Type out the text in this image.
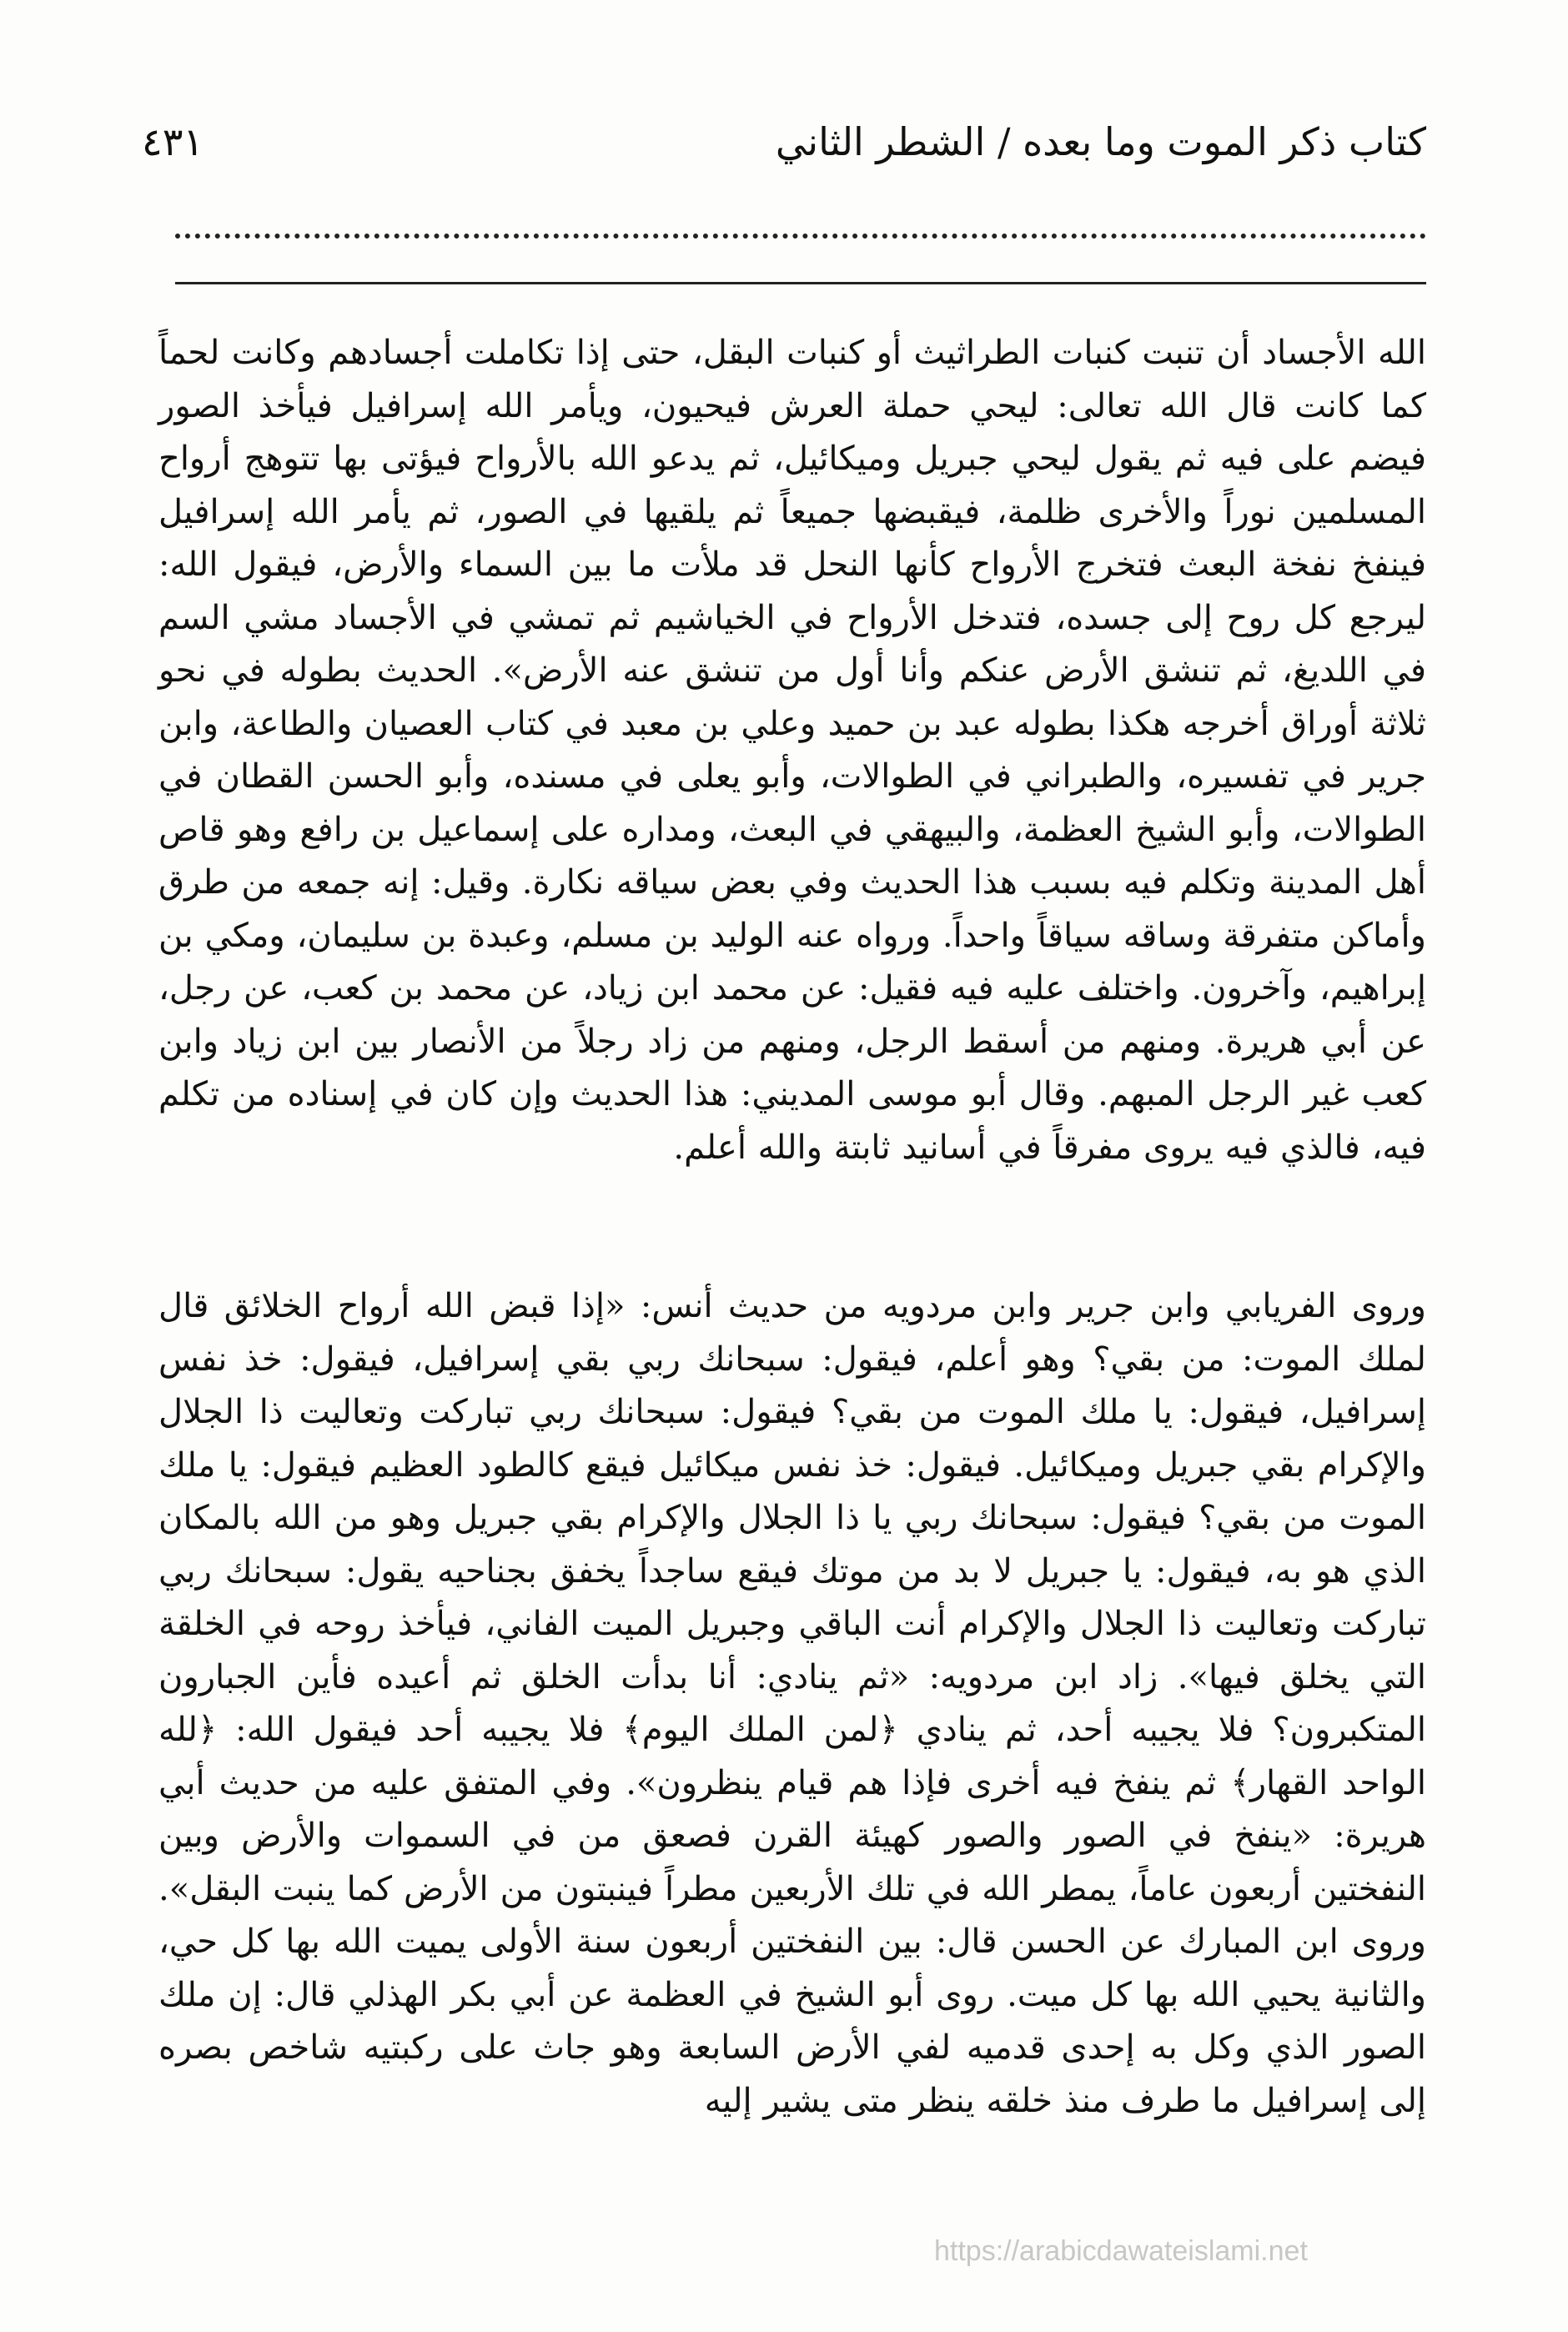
كتاب ذكر الموت وما بعده / الشطر الثاني
٤٣١

الله الأجساد أن تنبت كنبات الطراثيث أو كنبات البقل، حتى إذا تكاملت أجسادهم وكانت لحماً كما كانت قال الله تعالى: ليحي حملة العرش فيحيون، ويأمر الله إسرافيل فيأخذ الصور فيضم على فيه ثم يقول ليحي جبريل وميكائيل، ثم يدعو الله بالأرواح فيؤتى بها تتوهج أرواح المسلمين نوراً والأخرى ظلمة، فيقبضها جميعاً ثم يلقيها في الصور، ثم يأمر الله إسرافيل فينفخ نفخة البعث فتخرج الأرواح كأنها النحل قد ملأت ما بين السماء والأرض، فيقول الله: ليرجع كل روح إلى جسده، فتدخل الأرواح في الخياشيم ثم تمشي في الأجساد مشي السم في اللديغ، ثم تنشق الأرض عنكم وأنا أول من تنشق عنه الأرض». الحديث بطوله في نحو ثلاثة أوراق أخرجه هكذا بطوله عبد بن حميد وعلي بن معبد في كتاب العصيان والطاعة، وابن جرير في تفسيره، والطبراني في الطوالات، وأبو يعلى في مسنده، وأبو الحسن القطان في الطوالات، وأبو الشيخ العظمة، والبيهقي في البعث، ومداره على إسماعيل بن رافع وهو قاص أهل المدينة وتكلم فيه بسبب هذا الحديث وفي بعض سياقه نكارة. وقيل: إنه جمعه من طرق وأماكن متفرقة وساقه سياقاً واحداً. ورواه عنه الوليد بن مسلم، وعبدة بن سليمان، ومكي بن إبراهيم، وآخرون. واختلف عليه فيه فقيل: عن محمد ابن زياد، عن محمد بن كعب، عن رجل، عن أبي هريرة. ومنهم من أسقط الرجل، ومنهم من زاد رجلاً من الأنصار بين ابن زياد وابن كعب غير الرجل المبهم. وقال أبو موسى المديني: هذا الحديث وإن كان في إسناده من تكلم فيه، فالذي فيه يروى مفرقاً في أسانيد ثابتة والله أعلم.

وروى الفريابي وابن جرير وابن مردويه من حديث أنس: «إذا قبض الله أرواح الخلائق قال لملك الموت: من بقي؟ وهو أعلم، فيقول: سبحانك ربي بقي إسرافيل، فيقول: خذ نفس إسرافيل، فيقول: يا ملك الموت من بقي؟ فيقول: سبحانك ربي تباركت وتعاليت ذا الجلال والإكرام بقي جبريل وميكائيل. فيقول: خذ نفس ميكائيل فيقع كالطود العظيم فيقول: يا ملك الموت من بقي؟ فيقول: سبحانك ربي يا ذا الجلال والإكرام بقي جبريل وهو من الله بالمكان الذي هو به، فيقول: يا جبريل لا بد من موتك فيقع ساجداً يخفق بجناحيه يقول: سبحانك ربي تباركت وتعاليت ذا الجلال والإكرام أنت الباقي وجبريل الميت الفاني، فيأخذ روحه في الخلقة التي يخلق فيها». زاد ابن مردويه: «ثم ينادي: أنا بدأت الخلق ثم أعيده فأين الجبارون المتكبرون؟ فلا يجيبه أحد، ثم ينادي ﴿لمن الملك اليوم﴾ فلا يجيبه أحد فيقول الله: ﴿لله الواحد القهار﴾ ثم ينفخ فيه أخرى فإذا هم قيام ينظرون». وفي المتفق عليه من حديث أبي هريرة: «ينفخ في الصور والصور كهيئة القرن فصعق من في السموات والأرض وبين النفختين أربعون عاماً، يمطر الله في تلك الأربعين مطراً فينبتون من الأرض كما ينبت البقل». وروى ابن المبارك عن الحسن قال: بين النفختين أربعون سنة الأولى يميت الله بها كل حي، والثانية يحيي الله بها كل ميت. روى أبو الشيخ في العظمة عن أبي بكر الهذلي قال: إن ملك الصور الذي وكل به إحدى قدميه لفي الأرض السابعة وهو جاث على ركبتيه شاخص بصره إلى إسرافيل ما طرف منذ خلقه ينظر متى يشير إليه

https://arabicdawateislami.net
